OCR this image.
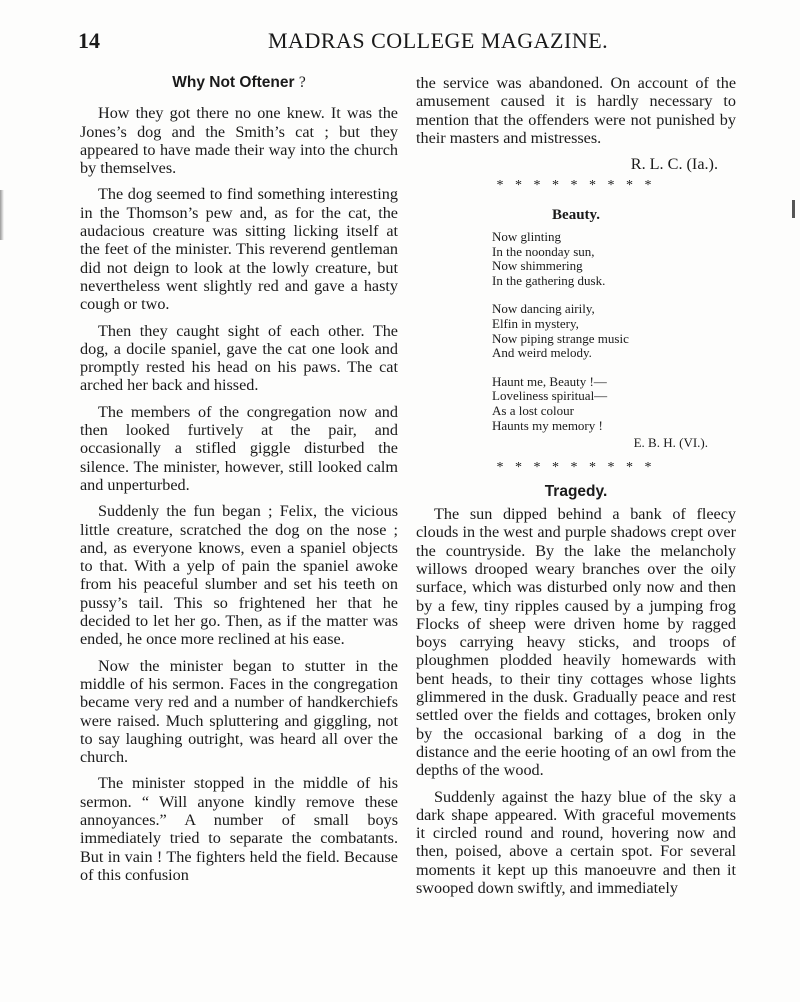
14	MADRAS COLLEGE MAGAZINE.
Why Not Oftener ?

How they got there no one knew. It was the Jones’s dog and the Smith’s cat ; but they appeared to have made their way into the church by themselves.

The dog seemed to find something interesting in the Thomson’s pew and, as for the cat, the audacious creature was sitting licking itself at the feet of the minister. This reverend gentleman did not deign to look at the lowly creature, but nevertheless went slightly red and gave a hasty cough or two.

Then they caught sight of each other. The dog, a docile spaniel, gave the cat one look and promptly rested his head on his paws. The cat arched her back and hissed.

The members of the congregation now and then looked furtively at the pair, and occasionally a stifled giggle disturbed the silence. The minister, however, still looked calm and unperturbed.

Suddenly the fun began ; Felix, the vicious little creature, scratched the dog on the nose ; and, as everyone knows, even a spaniel objects to that. With a yelp of pain the spaniel awoke from his peaceful slumber and set his teeth on pussy’s tail. This so frightened her that he decided to let her go. Then, as if the matter was ended, he once more reclined at his ease.

Now the minister began to stutter in the middle of his sermon. Faces in the congregation became very red and a number of handkerchiefs were raised. Much spluttering and giggling, not to say laughing outright, was heard all over the church.

The minister stopped in the middle of his sermon. “ Will anyone kindly remove these annoyances.” A number of small boys immediately tried to separate the combatants. But in vain ! The fighters held the field. Because of this confusion

the service was abandoned. On account of the amusement caused it is hardly necessary to mention that the offenders were not punished by their masters and mistresses.

R. L. C. (Ia.).
* * * * * * * * *
Beauty.
Now glinting
In the noonday sun,
Now shimmering
In the gathering dusk.
Now dancing airily,
Elfin in mystery,
Now piping strange music
And weird melody.
Haunt me, Beauty !—
Loveliness spiritual—
As a lost colour
Haunts my memory !
E. B. H. (VI.).
* * * * * * * * *
Tragedy.

The sun dipped behind a bank of fleecy clouds in the west and purple shadows crept over the countryside. By the lake the melancholy willows drooped weary branches over the oily surface, which was disturbed only now and then by a few, tiny ripples caused by a jumping frog Flocks of sheep were driven home by ragged boys carrying heavy sticks, and troops of ploughmen plodded heavily homewards with bent heads, to their tiny cottages whose lights glimmered in the dusk. Gradually peace and rest settled over the fields and cottages, broken only by the occasional barking of a dog in the distance and the eerie hooting of an owl from the depths of the wood.

Suddenly against the hazy blue of the sky a dark shape appeared. With graceful movements it circled round and round, hovering now and then, poised, above a certain spot. For several moments it kept up this manoeuvre and then it swooped down swiftly, and immediately
